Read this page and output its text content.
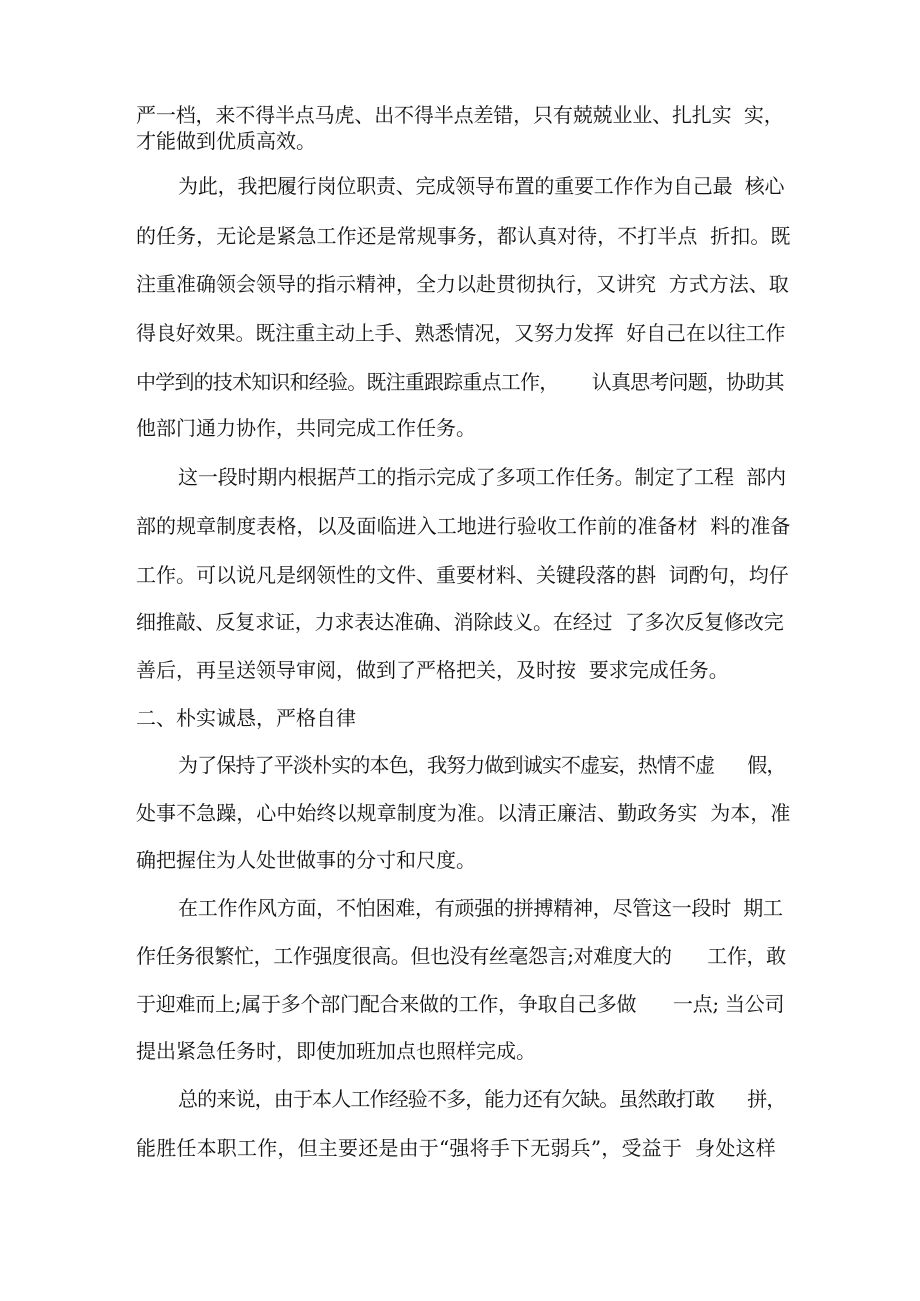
严一档，来不得半点马虎、出不得半点差错，只有兢兢业业、扎扎实  实，
才能做到优质高效。
为此，我把履行岗位职责、完成领导布置的重要工作作为自己最  核心
的任务，无论是紧急工作还是常规事务，都认真对待，不打半点  折扣。既
注重准确领会领导的指示精神，全力以赴贯彻执行，又讲究  方式方法、取
得良好效果。既注重主动上手、熟悉情况，又努力发挥  好自己在以往工作
中学到的技术知识和经验。既注重跟踪重点工作，      认真思考问题，协助其
他部门通力协作，共同完成工作任务。
这一段时期内根据芦工的指示完成了多项工作任务。制定了工程  部内
部的规章制度表格，以及面临进入工地进行验收工作前的准备材  料的准备
工作。可以说凡是纲领性的文件、重要材料、关键段落的斟  词酌句，均仔
细推敲、反复求证，力求表达准确、消除歧义。在经过  了多次反复修改完
善后，再呈送领导审阅，做到了严格把关，及时按  要求完成任务。
二、朴实诚恳，严格自律
为了保持了平淡朴实的本色，我努力做到诚实不虚妄，热情不虚      假，
处事不急躁，心中始终以规章制度为准。以清正廉洁、勤政务实  为本，准
确把握住为人处世做事的分寸和尺度。
在工作作风方面，不怕困难，有顽强的拼搏精神，尽管这一段时  期工
作任务很繁忙，工作强度很高。但也没有丝毫怨言;对难度大的      工作，敢
于迎难而上;属于多个部门配合来做的工作，争取自己多做      一点; 当公司
提出紧急任务时，即使加班加点也照样完成。
总的来说，由于本人工作经验不多，能力还有欠缺。虽然敢打敢      拼，
能胜任本职工作，但主要还是由于“强将手下无弱兵”，受益于  身处这样
